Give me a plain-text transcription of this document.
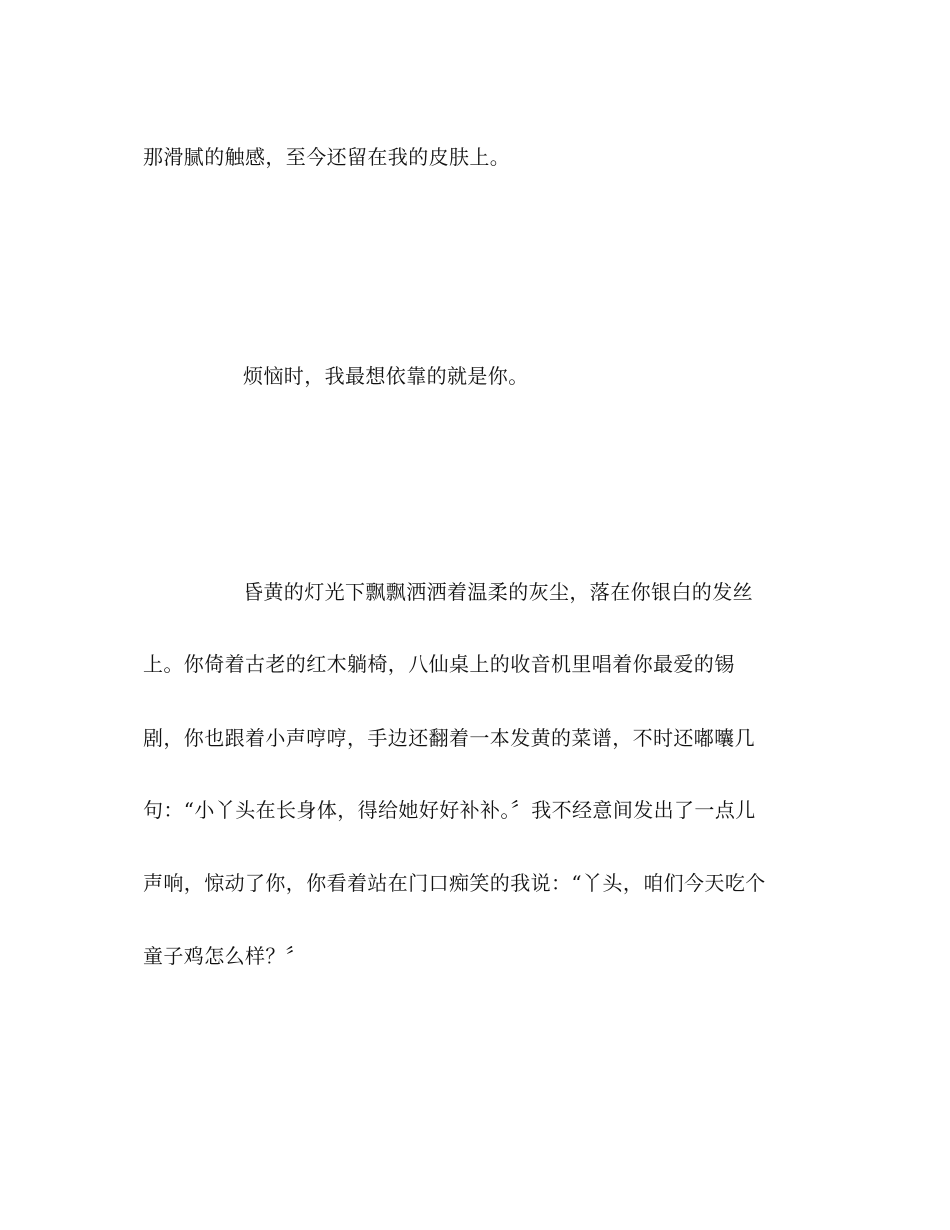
那滑腻的触感，至今还留在我的皮肤上。
烦恼时，我最想依靠的就是你。
昏黄的灯光下飘飘洒洒着温柔的灰尘，落在你银白的发丝
上。你倚着古老的红木躺椅，八仙桌上的收音机里唱着你最爱的锡
剧，你也跟着小声哼哼，手边还翻着一本发黄的菜谱，不时还嘟囔几
句：“小丫头在长身体，得给她好好补补。〞我不经意间发出了一点儿
声响，惊动了你，你看着站在门口痴笑的我说：“丫头，咱们今天吃个
童子鸡怎么样？〞
